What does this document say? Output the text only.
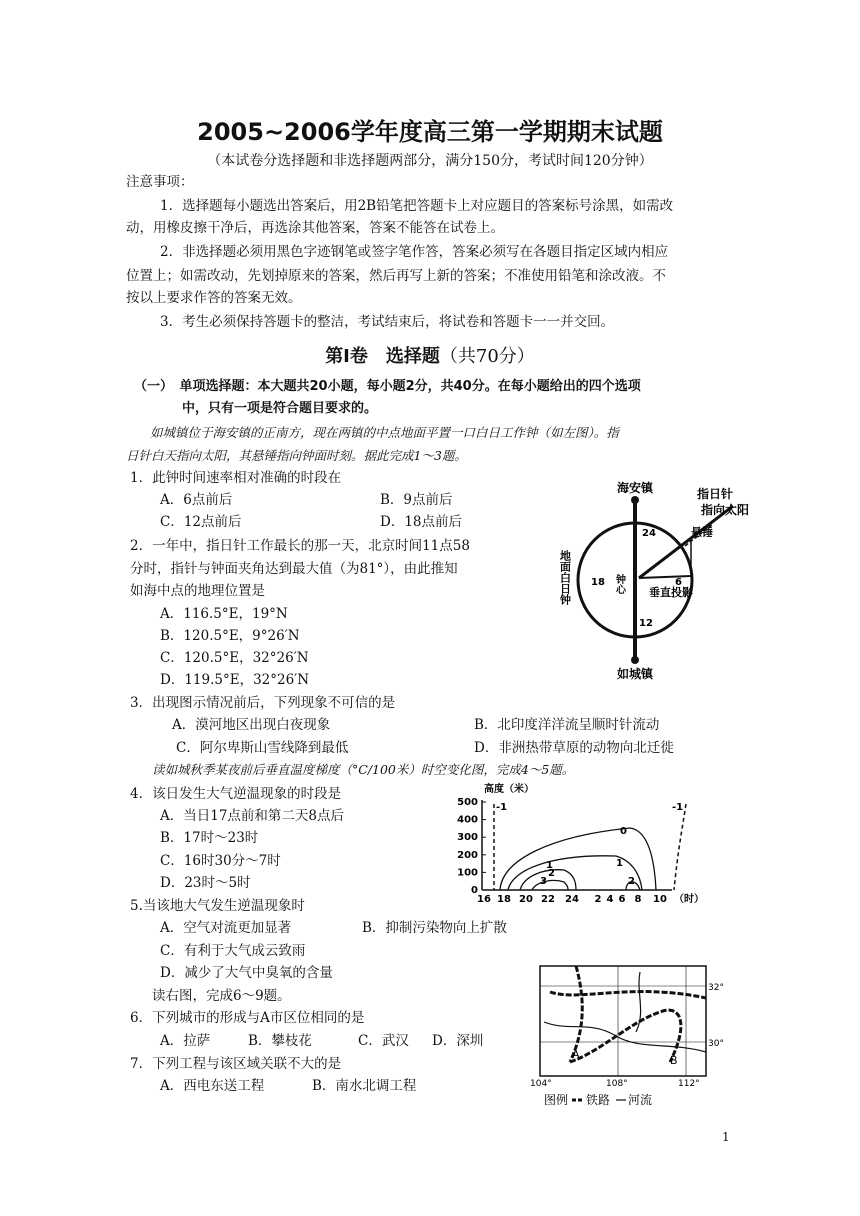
2005~2006学年度高三第一学期期末试题
（本试卷分选择题和非选择题两部分，满分150分，考试时间120分钟）
注意事项：
1．选择题每小题选出答案后，用2B铅笔把答题卡上对应题目的答案标号涂黑，如需改
动，用橡皮擦干净后，再选涂其他答案，答案不能答在试卷上。
2．非选择题必须用黑色字迹钢笔或签字笔作答，答案必须写在各题目指定区域内相应
位置上；如需改动，先划掉原来的答案，然后再写上新的答案；不准使用铅笔和涂改液。不
按以上要求作答的答案无效。
3．考生必须保持答题卡的整洁，考试结束后，将试卷和答题卡一一并交回。
第Ⅰ卷　选择题（共70分）
（一）　单项选择题：本大题共20小题，每小题2分，共40分。在每小题给出的四个选项
中，只有一项是符合题目要求的。
如城镇位于海安镇的正南方，现在两镇的中点地面平置一口白日工作钟（如左图）。指
日针白天指向太阳，其悬锤指向钟面时刻。据此完成1～3题。
1．此钟时间速率相对准确的时段在
A．6点前后	B．9点前后
C．12点前后	D．18点前后
2．一年中，指日针工作最长的那一天，北京时间11点58
分时，指针与钟面夹角达到最大值（为81°），由此推知
如海中点的地理位置是
A．116.5°E，19°N
B．120.5°E，9°26′N
C．120.5°E，32°26′N
D．119.5°E，32°26′N
3．出现图示情况前后，下列现象不可信的是
A．漠河地区出现白夜现象	B．北印度洋洋流呈顺时针流动
C．阿尔卑斯山雪线降到最低	D．非洲热带草原的动物向北迁徙
读如城秋季某夜前后垂直温度梯度（°C/100米）时空变化图，完成4～5题。
4．该日发生大气逆温现象的时段是
A．当日17点前和第二天8点后
B．17时～23时
C．16时30分～7时
D．23时～5时
5.当该地大气发生逆温现象时
A．空气对流更加显著	B．抑制污染物向上扩散
C．有利于大气成云致雨
D．减少了大气中臭氧的含量
读右图，完成6～9题。
6．下列城市的形成与A市区位相同的是
A．拉萨	B．攀枝花	C．武汉 D．深圳
7．下列工程与该区域关联不大的是
A．西电东送工程	B．南水北调工程
1
海安镇
如城镇
地面白日钟
24
18
12
6
钟心
指日针
指向太阳
悬锤
垂直投影
高度（米）
500
400
300
200
100
0
16 18 20 22 24 2 4 6 8 10 （时）
-1	-1
0
1
2
3
1
2
A	B
32°
30°
104°	108°	112°
图例 铁路 河流
